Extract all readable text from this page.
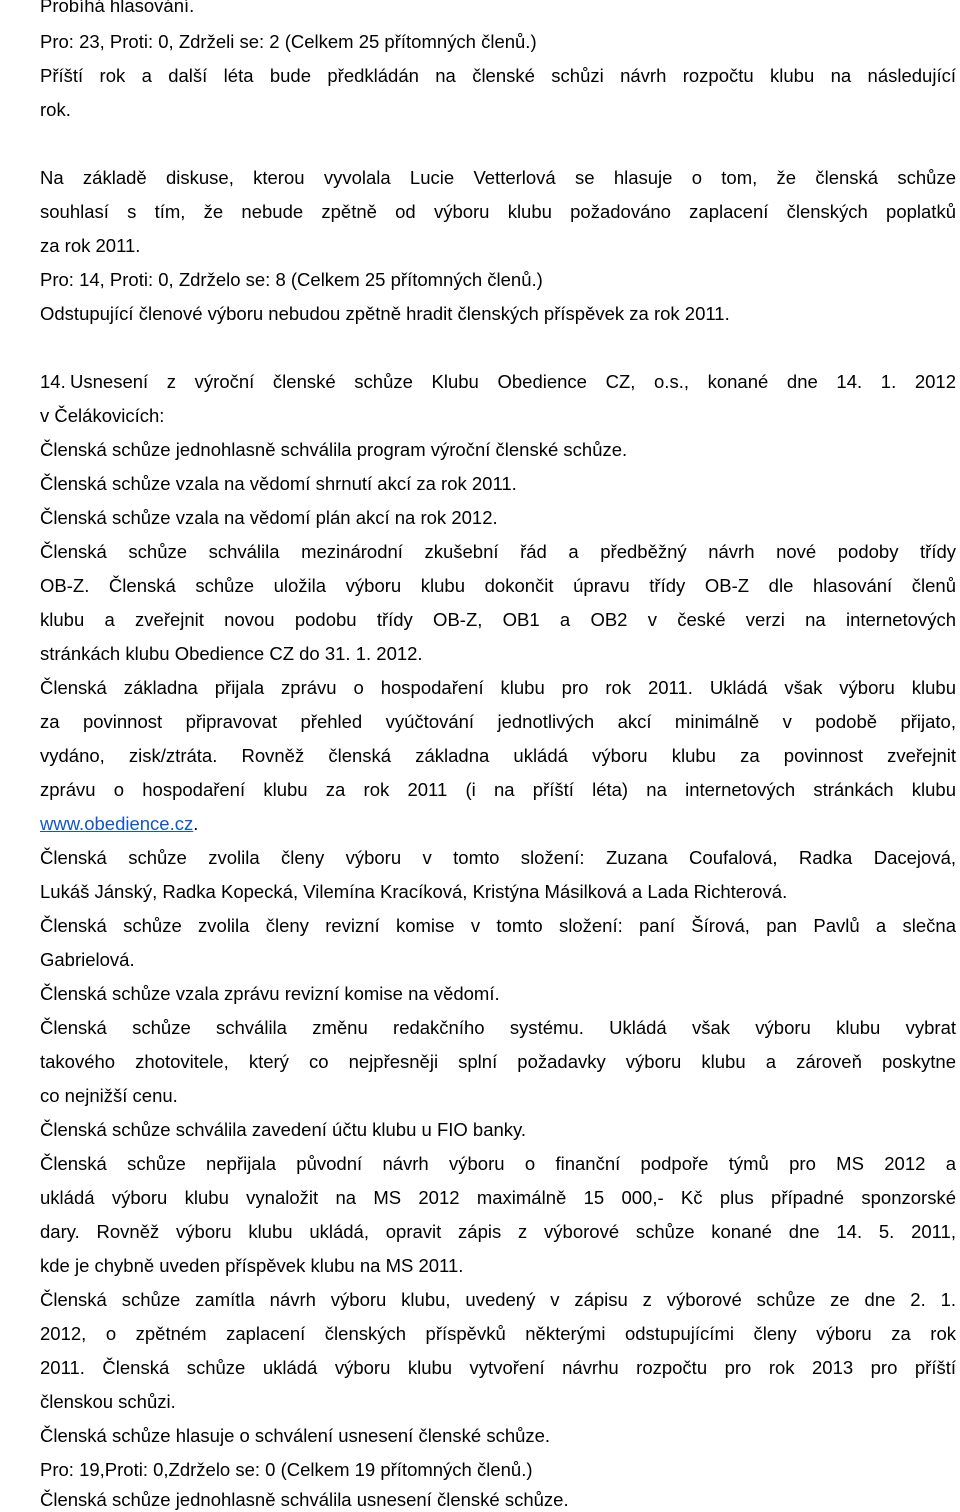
Probíhá hlasování.
Pro: 23, Proti: 0, Zdrželi se: 2 (Celkem 25 přítomných členů.)
Příští rok a další léta bude předkládán na členské schůzi návrh rozpočtu klubu na následující
rok.
Na základě diskuse, kterou vyvolala Lucie Vetterlová se hlasuje o tom, že členská schůze
souhlasí s tím, že nebude zpětně od výboru klubu požadováno zaplacení členských poplatků
za rok 2011.
Pro: 14, Proti: 0, Zdrželo se: 8 (Celkem 25 přítomných členů.)
Odstupující členové výboru nebudou zpětně hradit členských příspěvek za rok 2011.
14. Usnesení z výroční členské schůze Klubu Obedience CZ, o.s., konané dne 14. 1. 2012
v Čelákovicích:
Členská schůze jednohlasně schválila program výroční členské schůze.
Členská schůze vzala na vědomí shrnutí akcí za rok 2011.
Členská schůze vzala na vědomí plán akcí na rok 2012.
Členská schůze schválila mezinárodní zkušební řád a předběžný návrh nové podoby třídy
OB-Z. Členská schůze uložila výboru klubu dokončit úpravu třídy OB-Z dle hlasování členů
klubu a zveřejnit novou podobu třídy OB-Z, OB1 a OB2 v české verzi na internetových
stránkách klubu Obedience CZ do 31. 1. 2012.
Členská základna přijala zprávu o hospodaření klubu pro rok 2011. Ukládá však výboru klubu
za povinnost připravovat přehled vyúčtování jednotlivých akcí minimálně v podobě přijato,
vydáno, zisk/ztráta. Rovněž členská základna ukládá výboru klubu za povinnost zveřejnit
zprávu o hospodaření klubu za rok 2011 (i na příští léta) na internetových stránkách klubu
www.obedience.cz.
Členská schůze zvolila členy výboru v tomto složení: Zuzana Coufalová, Radka Dacejová,
Lukáš Jánský, Radka Kopecká, Vilemína Kracíková, Kristýna Másilková a Lada Richterová.
Členská schůze zvolila členy revizní komise v tomto složení: paní Šírová, pan Pavlů a slečna
Gabrielová.
Členská schůze vzala zprávu revizní komise na vědomí.
Členská schůze schválila změnu redakčního systému. Ukládá však výboru klubu vybrat
takového zhotovitele, který co nejpřesněji splní požadavky výboru klubu a zároveň poskytne
co nejnižší cenu.
Členská schůze schválila zavedení účtu klubu u FIO banky.
Členská schůze nepřijala původní návrh výboru o finanční podpoře týmů pro MS 2012 a
ukládá výboru klubu vynaložit na MS 2012 maximálně 15 000,- Kč plus případné sponzorské
dary. Rovněž výboru klubu ukládá, opravit zápis z výborové schůze konané dne 14. 5. 2011,
kde je chybně uveden příspěvek klubu na MS 2011.
Členská schůze zamítla návrh výboru klubu, uvedený v zápisu z výborové schůze ze dne 2. 1.
2012, o zpětném zaplacení členských příspěvků některými odstupujícími členy výboru za rok
2011. Členská schůze ukládá výboru klubu vytvoření návrhu rozpočtu pro rok 2013 pro příští
členskou schůzi.
Členská schůze hlasuje o schválení usnesení členské schůze.
Pro: 19,Proti: 0,Zdrželo se: 0 (Celkem 19 přítomných členů.)
Členská schůze jednohlasně schválila usnesení členské schůze.
